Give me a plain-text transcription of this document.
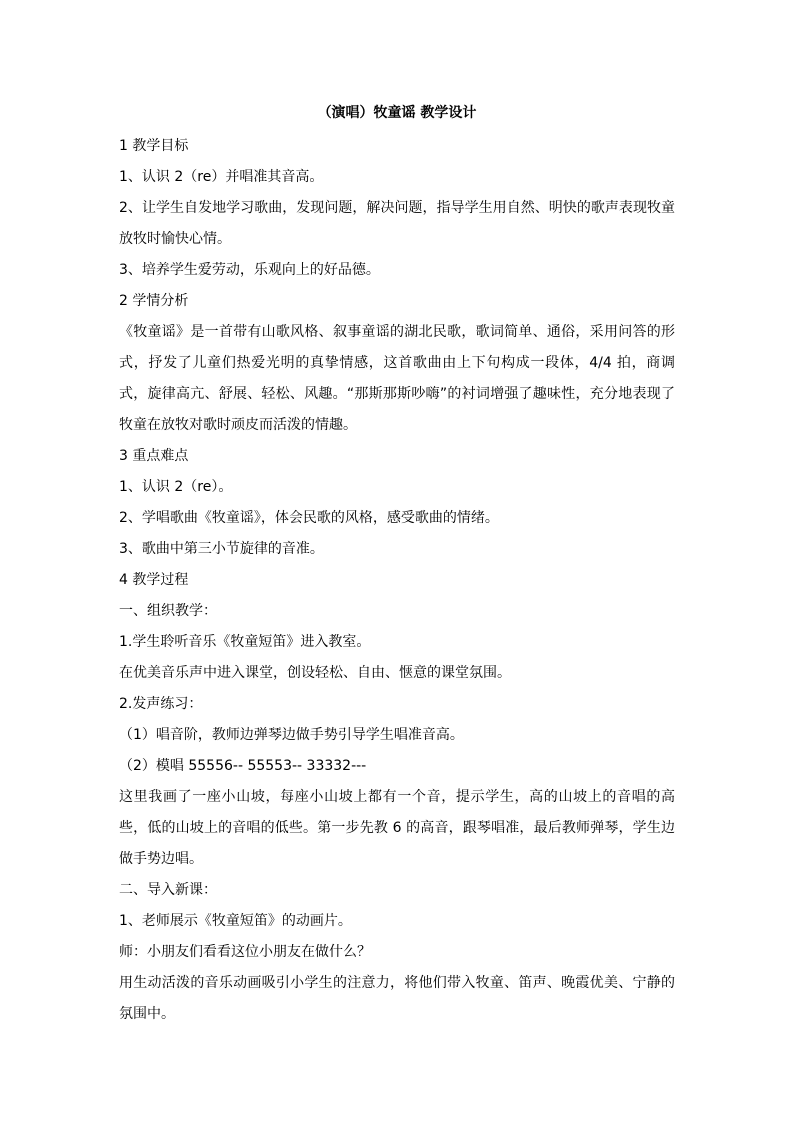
（演唱）牧童谣 教学设计

1 教学目标

1、认识 2（re）并唱准其音高。

2、让学生自发地学习歌曲，发现问题，解决问题，指导学生用自然、明快的歌声表现牧童放牧时愉快心情。

3、培养学生爱劳动，乐观向上的好品德。

2 学情分析

《牧童谣》是一首带有山歌风格、叙事童谣的湖北民歌，歌词简单、通俗，采用问答的形式，抒发了儿童们热爱光明的真挚情感，这首歌曲由上下句构成一段体，4/4 拍，商调式，旋律高亢、舒展、轻松、风趣。“那斯那斯吵嗨”的衬词增强了趣味性，充分地表现了牧童在放牧对歌时顽皮而活泼的情趣。

3 重点难点

1、认识 2（re）。

2、学唱歌曲《牧童谣》，体会民歌的风格，感受歌曲的情绪。

3、歌曲中第三小节旋律的音准。

4 教学过程

一、组织教学：

1.学生聆听音乐《牧童短笛》进入教室。

在优美音乐声中进入课堂，创设轻松、自由、惬意的课堂氛围。

2.发声练习：

（1）唱音阶，教师边弹琴边做手势引导学生唱准音高。

（2）模唱 55556-- 55553-- 33332---

这里我画了一座小山坡，每座小山坡上都有一个音，提示学生，高的山坡上的音唱的高些，低的山坡上的音唱的低些。第一步先教 6 的高音，跟琴唱准，最后教师弹琴，学生边做手势边唱。

二、导入新课：

1、老师展示《牧童短笛》的动画片。

师：小朋友们看看这位小朋友在做什么？

用生动活泼的音乐动画吸引小学生的注意力，将他们带入牧童、笛声、晚霞优美、宁静的氛围中。
